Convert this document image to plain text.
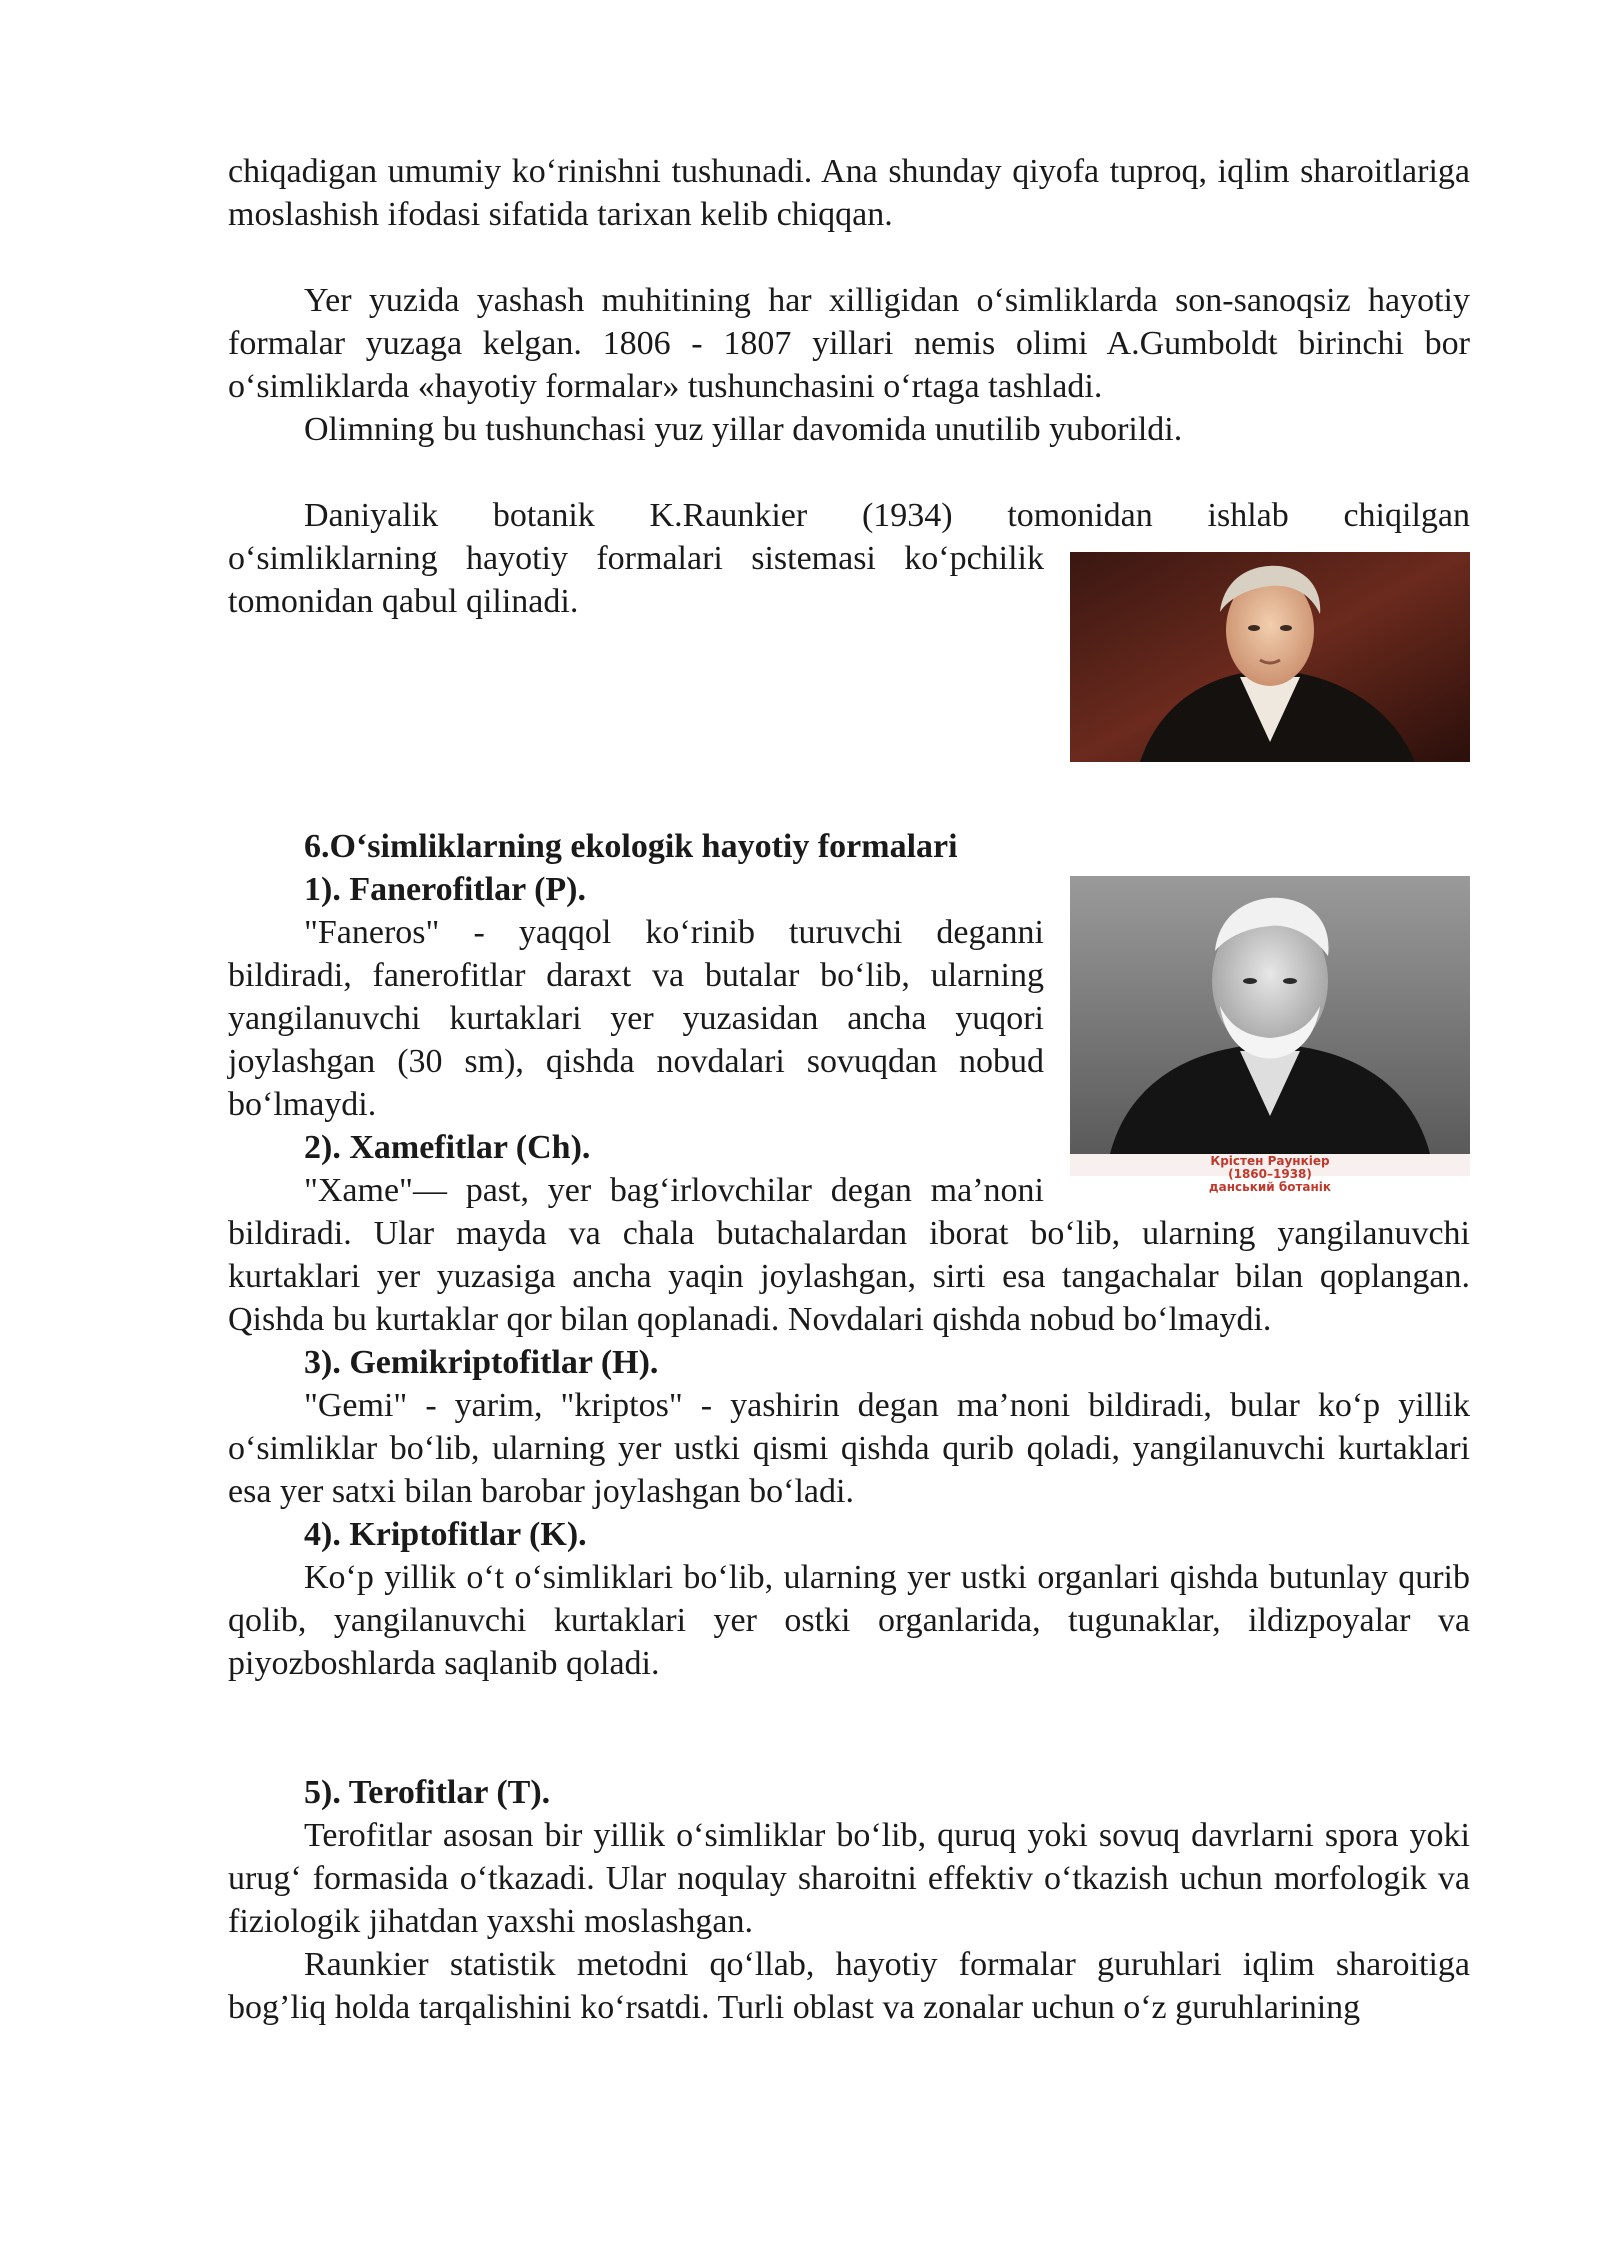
chiqadigan umumiy koʻrinishni tushunadi. Ana shunday qiyofa tuproq, iqlim sharoitlariga moslashish ifodasi sifatida tarixan kelib chiqqan.

Yer yuzida yashash muhitining har xilligidan oʻsimliklarda son-sanoqsiz hayotiy formalar yuzaga kelgan. 1806 - 1807 yillari nemis olimi A.Gumboldt birinchi bor oʻsimliklarda «hayotiy formalar» tushunchasini oʻrtaga tashladi.

Olimning bu tushunchasi yuz yillar davomida unutilib yuborildi.

Daniyalik botanik K.Raunkier (1934) tomonidan ishlab chiqilgan

oʻsimliklarning hayotiy formalari sistemasi koʻpchilik tomonidan qabul qilinadi.

6.Oʻsimliklarning ekologik hayotiy formalari

Крістен Раункіер
(1860–1938)
данський ботанік

1). Fanerofitlar (P).

"Faneros" - yaqqol koʻrinib turuvchi deganni bildiradi, fanerofitlar daraxt va butalar boʻlib, ularning yangilanuvchi kurtaklari yer yuzasidan ancha yuqori joylashgan (30 sm), qishda novdalari sovuqdan nobud boʻlmaydi.

2). Xamefitlar (Ch).

"Xame"— past, yer bagʻirlovchilar degan ma’noni bildiradi. Ular mayda va chala butachalardan iborat boʻlib, ularning yangilanuvchi kurtaklari yer yuzasiga ancha yaqin joylashgan, sirti esa tangachalar bilan qoplangan. Qishda bu kurtaklar qor bilan qoplanadi. Novdalari qishda nobud boʻlmaydi.

3). Gemikriptofitlar (H).

"Gemi" - yarim, "kriptos" - yashirin degan ma’noni bildiradi, bular koʻp yillik oʻsimliklar boʻlib, ularning yer ustki qismi qishda qurib qoladi, yangilanuvchi kurtaklari esa yer satxi bilan barobar joylashgan boʻladi.

4). Kriptofitlar (K).

Koʻp yillik oʻt oʻsimliklari boʻlib, ularning yer ustki organlari qishda butunlay qurib qolib, yangilanuvchi kurtaklari yer ostki organlarida, tugunaklar, ildizpoyalar va piyozboshlarda saqlanib qoladi.

5). Terofitlar (T).

Terofitlar asosan bir yillik oʻsimliklar boʻlib, quruq yoki sovuq davrlarni spora yoki urugʻ formasida oʻtkazadi. Ular noqulay sharoitni effektiv oʻtkazish uchun morfologik va fiziologik jihatdan yaxshi moslashgan.

Raunkier statistik metodni qoʻllab, hayotiy formalar guruhlari iqlim sharoitiga bog’liq holda tarqalishini koʻrsatdi. Turli oblast va zonalar uchun oʻz guruhlarining
